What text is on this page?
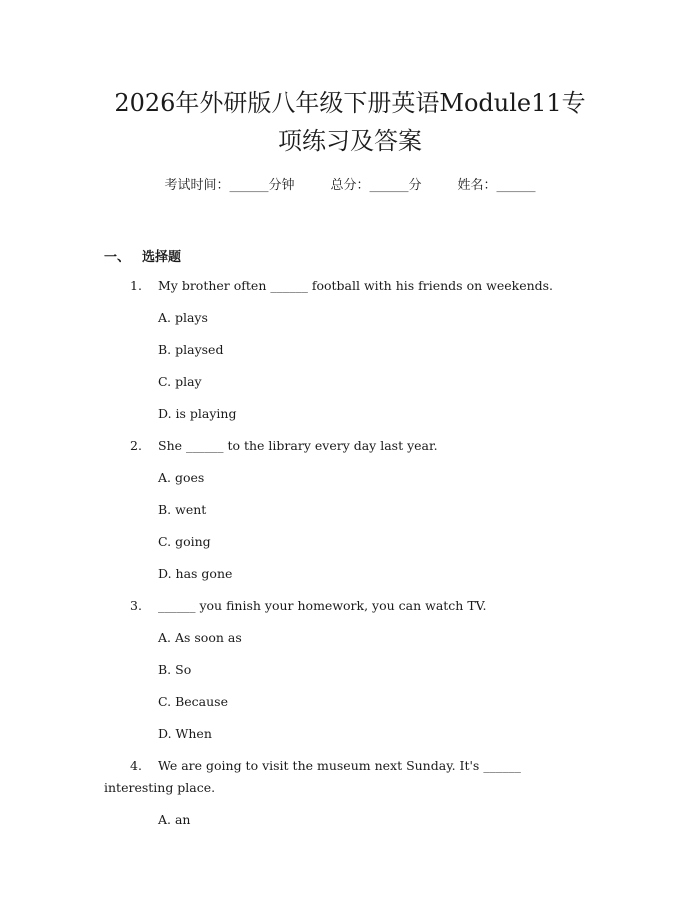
2026年外研版八年级下册英语Module11专
项练习及答案
考试时间：______分钟	总分：______分	姓名：______
一、 选择题
1. My brother often ______ football with his friends on weekends.
A. plays
B. playsed
C. play
D. is playing
2. She ______ to the library every day last year.
A. goes
B. went
C. going
D. has gone
3. ______ you finish your homework, you can watch TV.
A. As soon as
B. So
C. Because
D. When
4. We are going to visit the museum next Sunday. It's ______
interesting place.
A. an
